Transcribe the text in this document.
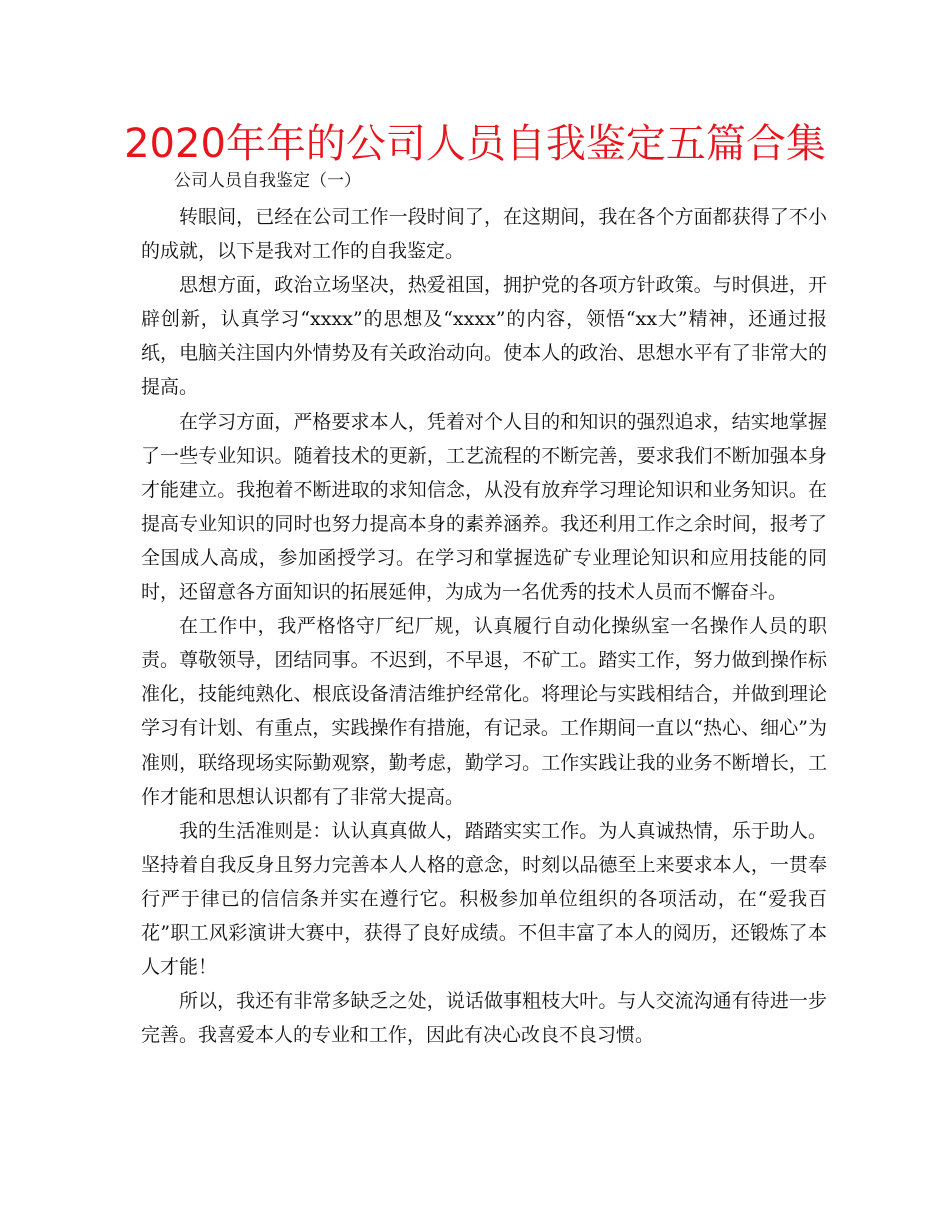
2020年年的公司人员自我鉴定五篇合集
公司人员自我鉴定（一）

转眼间，已经在公司工作一段时间了，在这期间，我在各个方面都获得了不小的成就，以下是我对工作的自我鉴定。

思想方面，政治立场坚决，热爱祖国，拥护党的各项方针政策。与时俱进，开辟创新，认真学习“xxxx”的思想及“xxxx”的内容，领悟“xx大”精神，还通过报纸，电脑关注国内外情势及有关政治动向。使本人的政治、思想水平有了非常大的提高。

在学习方面，严格要求本人，凭着对个人目的和知识的强烈追求，结实地掌握了一些专业知识。随着技术的更新，工艺流程的不断完善，要求我们不断加强本身才能建立。我抱着不断进取的求知信念，从没有放弃学习理论知识和业务知识。在提高专业知识的同时也努力提高本身的素养涵养。我还利用工作之余时间，报考了全国成人高成，参加函授学习。在学习和掌握选矿专业理论知识和应用技能的同时，还留意各方面知识的拓展延伸，为成为一名优秀的技术人员而不懈奋斗。

在工作中，我严格恪守厂纪厂规，认真履行自动化操纵室一名操作人员的职责。尊敬领导，团结同事。不迟到，不早退，不矿工。踏实工作，努力做到操作标准化，技能纯熟化、根底设备清洁维护经常化。将理论与实践相结合，并做到理论学习有计划、有重点，实践操作有措施，有记录。工作期间一直以“热心、细心”为准则，联络现场实际勤观察，勤考虑，勤学习。工作实践让我的业务不断增长，工作才能和思想认识都有了非常大提高。

我的生活准则是：认认真真做人，踏踏实实工作。为人真诚热情，乐于助人。坚持着自我反身且努力完善本人人格的意念，时刻以品德至上来要求本人，一贯奉行严于律已的信信条并实在遵行它。积极参加单位组织的各项活动，在“爱我百花”职工风彩演讲大赛中，获得了良好成绩。不但丰富了本人的阅历，还锻炼了本人才能！

所以，我还有非常多缺乏之处，说话做事粗枝大叶。与人交流沟通有待进一步完善。我喜爱本人的专业和工作，因此有决心改良不良习惯。
